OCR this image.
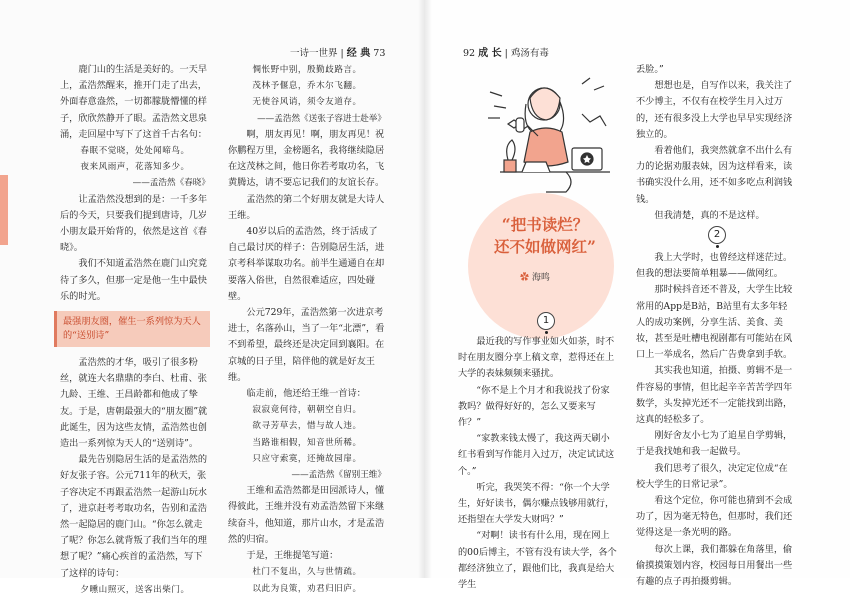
一诗一世界 | 经 典 73

鹿门山的生活是美好的。一天早上，孟浩然醒来，推开门走了出去，外面春意盎然，一切都朦胧懵懂的样子，欣欣然静开了眼。孟浩然文思泉涌，走回屋中写下了这首千古名句：

春眠不觉晓，处处闻啼鸟。
夜来风雨声，花落知多少。
——孟浩然《春晓》

让孟浩然没想到的是：一千多年后的今天，只要我们提到唐诗，几岁小朋友最开始背的，依然是这首《春晓》。

我们不知道孟浩然在鹿门山究竟待了多久，但那一定是他一生中最快乐的时光。

最强朋友圈，催生一系列惊为天人的“送别诗”

孟浩然的才华，吸引了很多粉丝，就连大名鼎鼎的李白、杜甫、张九龄、王维、王昌龄都和他成了挚友。于是，唐朝最强大的“朋友圈”就此诞生，因为这些友情，孟浩然也创造出一系列惊为天人的“送别诗”。

最先告别隐居生活的是孟浩然的好友张子容。公元711年的秋天，张子容决定不再跟孟浩然一起游山玩水了，进京赶考考取功名，告别和孟浩然一起隐居的鹿门山。“你怎么就走了呢？你怎么就背叛了我们当年的理想了呢？”痛心疾首的孟浩然，写下了这样的诗句：

夕曛山照灭，送客出柴门。
惆怅野中别，殷勤歧路言。
茂林予偃息，乔木尔飞翻。
无使谷风诮，须令友道存。
——孟浩然《送张子容进士赴举》

啊，朋友再见！啊，朋友再见！祝你鹏程万里，金榜题名，我将继续隐居在这茂林之间，他日你若考取功名，飞黄腾达，请不要忘记我们的友谊长存。

孟浩然的第二个好朋友就是大诗人王维。

40岁以后的孟浩然，终于活成了自己最讨厌的样子：告别隐居生活，进京考科举谋取功名。前半生通通自在却要落入俗世，自然很难适应，四处碰壁。

公元729年，孟浩然第一次进京考进士，名落孙山，当了一年“北漂”，看不到希望，最终还是决定回到襄阳。在京城的日子里，陪伴他的就是好友王维。

临走前，他还给王维一首诗：

寂寂竟何待，朝朝空自归。
欲寻芳草去，惜与故人违。
当路谁相假，知音世所稀。
只应守索寞，还掩故园扉。
——孟浩然《留别王维》

王维和孟浩然都是田园派诗人，懂得彼此，王维并没有劝孟浩然留下来继续奋斗，他知道，那片山水，才是孟浩然的归宿。

于是，王维提笔写道：

杜门不复出，久与世情疏。
以此为良策，劝君归旧庐。
92 成 长 | 鸡汤有毒
“把书读烂？
还不如做网红”
✿ 海鸣
1

最近我的写作事业如火如荼，时不时在朋友圈分享上稿文章，惹得还在上大学的表妹频频来骚扰。

“你不是上个月才和我说找了份家教吗？做得好好的，怎么又要来写作？”

“家教来钱太慢了，我这两天刷小红书看到写作能月入过万，决定试试这个。”

听完，我哭笑不得：“你一个大学生，好好读书，偶尔赚点钱够用就行，还指望在大学发大财吗？”

“对啊！读书有什么用，现在网上的00后博主，不管有没有读大学，各个都经济独立了，跟他们比，我真是给大学生

丢脸。”

想想也是，自写作以来，我关注了不少博主，不仅有在校学生月入过万的，还有很多没上大学也早早实现经济独立的。

看着他们，我突然就拿不出什么有力的论据劝服表妹，因为这样看来，读书确实没什么用，还不如多吃点利润钱钱。

但我清楚，真的不是这样。

2

我上大学时，也曾经这样迷茫过。但我的想法要简单粗暴——做网红。

那时候抖音还不普及，大学生比较常用的App是B站，B站里有太多年轻人的成功案例，分享生活、美食、美妆，甚至是吐槽电视剧都有可能站在风口上一举成名，然后广告费拿到手软。

其实我也知道，拍摄、剪辑不是一件容易的事情，但比起辛辛苦苦学四年数学，头发掉光还不一定能找到出路，这真的轻松多了。

刚好舍友小七为了追星自学剪辑，于是我找她和我一起做号。

我们思考了很久，决定定位成“在校大学生的日常记录”。

看这个定位，你可能也猜到不会成功了，因为毫无特色，但那时，我们还觉得这是一条光明的路。

每次上课，我们都躲在角落里，偷偷摸摸策划内容，校园每日用餐出一些有趣的点子再拍摄剪辑。
